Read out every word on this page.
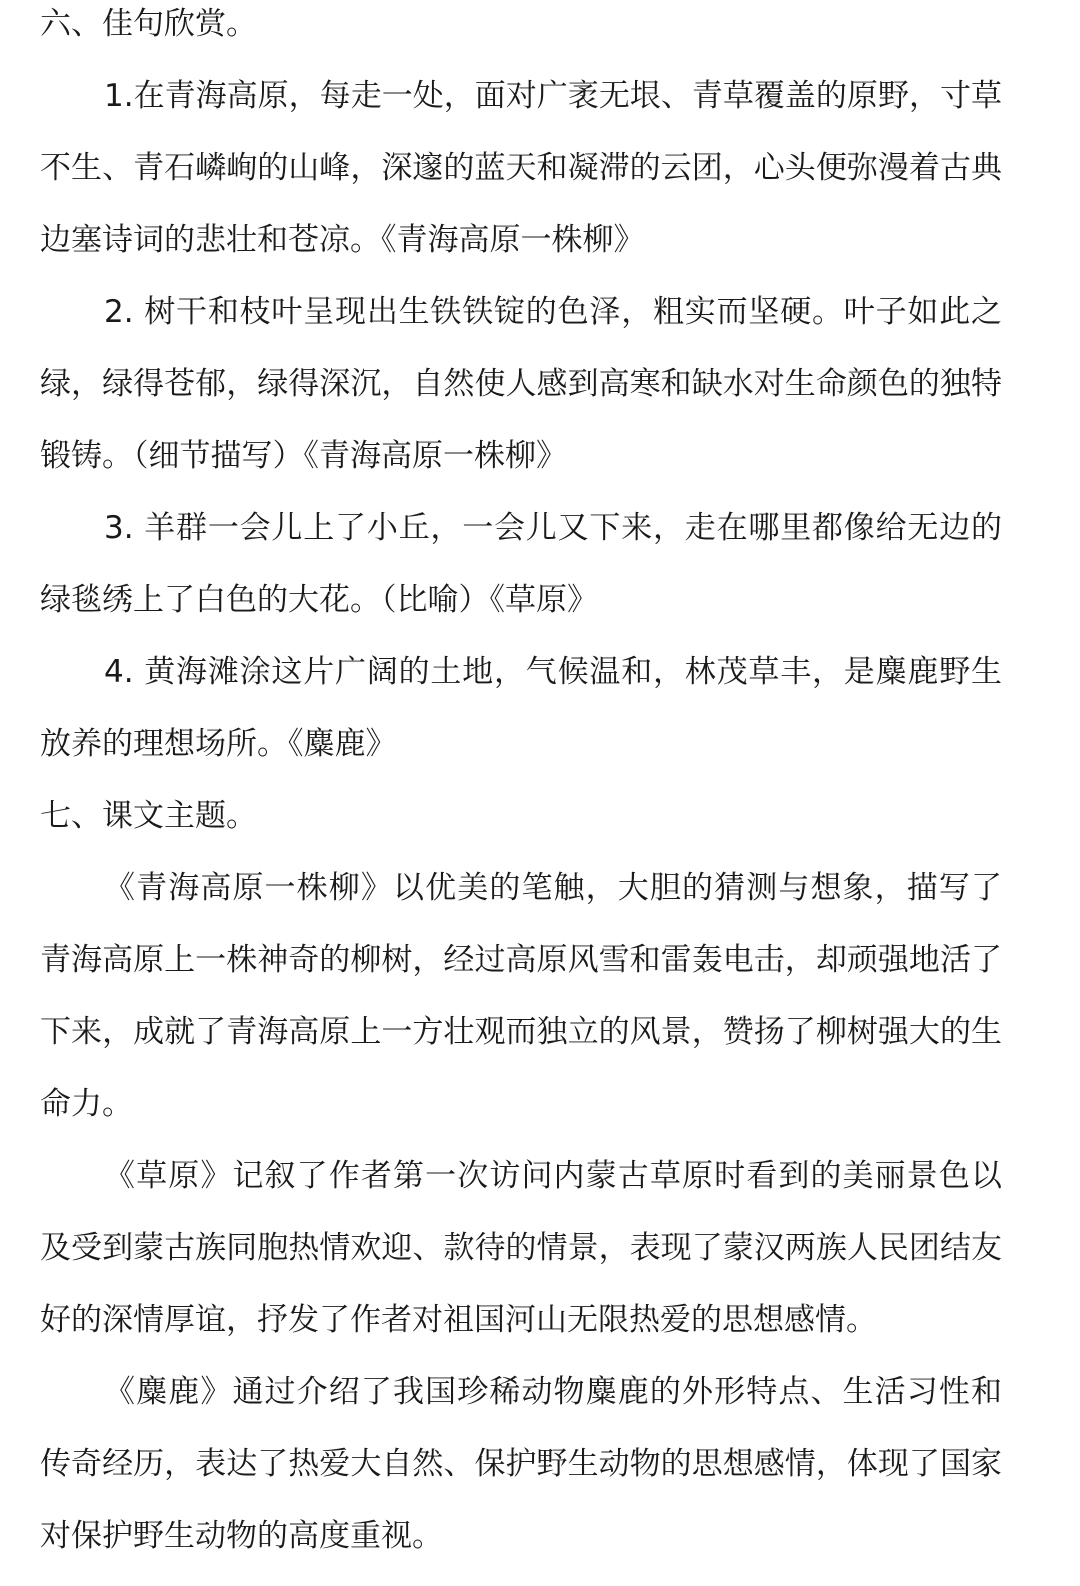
六、佳句欣赏。

1.在青海高原，每走一处，面对广袤无垠、青草覆盖的原野，寸草不生、青石嶙峋的山峰，深邃的蓝天和凝滞的云团，心头便弥漫着古典边塞诗词的悲壮和苍凉。《青海高原一株柳》

2. 树干和枝叶呈现出生铁铁锭的色泽，粗实而坚硬。叶子如此之绿，绿得苍郁，绿得深沉，自然使人感到高寒和缺水对生命颜色的独特锻铸。（细节描写）《青海高原一株柳》

3. 羊群一会儿上了小丘，一会儿又下来，走在哪里都像给无边的绿毯绣上了白色的大花。（比喻）《草原》

4. 黄海滩涂这片广阔的土地，气候温和，林茂草丰，是麋鹿野生放养的理想场所。《麋鹿》

七、课文主题。

《青海高原一株柳》以优美的笔触，大胆的猜测与想象，描写了青海高原上一株神奇的柳树，经过高原风雪和雷轰电击，却顽强地活了下来，成就了青海高原上一方壮观而独立的风景，赞扬了柳树强大的生命力。

《草原》记叙了作者第一次访问内蒙古草原时看到的美丽景色以及受到蒙古族同胞热情欢迎、款待的情景，表现了蒙汉两族人民团结友好的深情厚谊，抒发了作者对祖国河山无限热爱的思想感情。

《麋鹿》通过介绍了我国珍稀动物麋鹿的外形特点、生活习性和传奇经历，表达了热爱大自然、保护野生动物的思想感情，体现了国家对保护野生动物的高度重视。
